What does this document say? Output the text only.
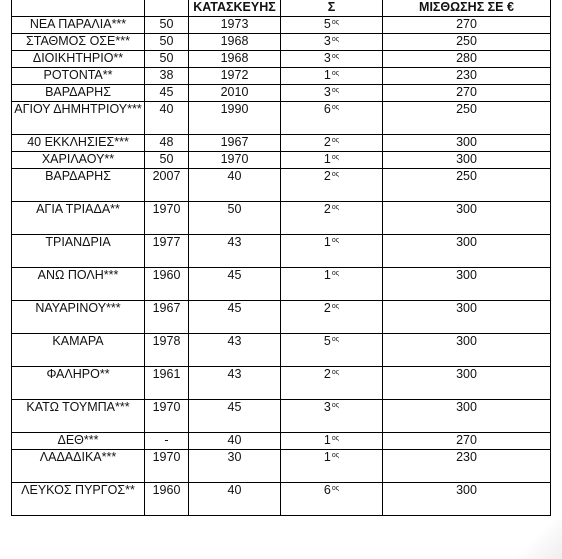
		ΚΑΤΑΣΚΕΥΗΣ	Σ	ΜΙΣΘΩΣΗΣ ΣΕ €
ΝΕΑ ΠΑΡΑΛΙΑ***	50	1973	$5^{o\varsigma}$	270
ΣΤΑΘΜΟΣ ΟΣΕ***	50	1968	$3^{o\varsigma}$	250
ΔΙΟΙΚΗΤΗΡΙΟ**	50	1968	$3^{o\varsigma}$	280
ΡΟΤΟΝΤΑ**	38	1972	$1^{o\varsigma}$	230
ΒΑΡΔΑΡΗΣ	45	2010	$3^{o\varsigma}$	270
ΑΓΙΟΥ ΔΗΜΗΤΡΙΟΥ***	40	1990	$6^{o\varsigma}$	250
40 ΕΚΚΛΗΣΙΕΣ***	48	1967	$2^{o\varsigma}$	300
ΧΑΡΙΛΑΟΥ**	50	1970	$1^{o\varsigma}$	300
ΒΑΡΔΑΡΗΣ	2007	40	$2^{o\varsigma}$	250
ΑΓΙΑ ΤΡΙΑΔΑ**	1970	50	$2^{o\varsigma}$	300
ΤΡΙΑΝΔΡΙΑ	1977	43	$1^{o\varsigma}$	300
ΑΝΩ ΠΟΛΗ***	1960	45	$1^{o\varsigma}$	300
ΝΑΥΑΡΙΝΟΥ***	1967	45	$2^{o\varsigma}$	300
ΚΑΜΑΡΑ	1978	43	$5^{o\varsigma}$	300
ΦΑΛΗΡΟ**	1961	43	$2^{o\varsigma}$	300
ΚΑΤΩ ΤΟΥΜΠΑ***	1970	45	$3^{o\varsigma}$	300
ΔΕΘ***	-	40	$1^{o\varsigma}$	270
ΛΑΔΑΔΙΚΑ***	1970	30	$1^{o\varsigma}$	230
ΛΕΥΚΟΣ ΠΥΡΓΟΣ**	1960	40	$6^{o\varsigma}$	300
